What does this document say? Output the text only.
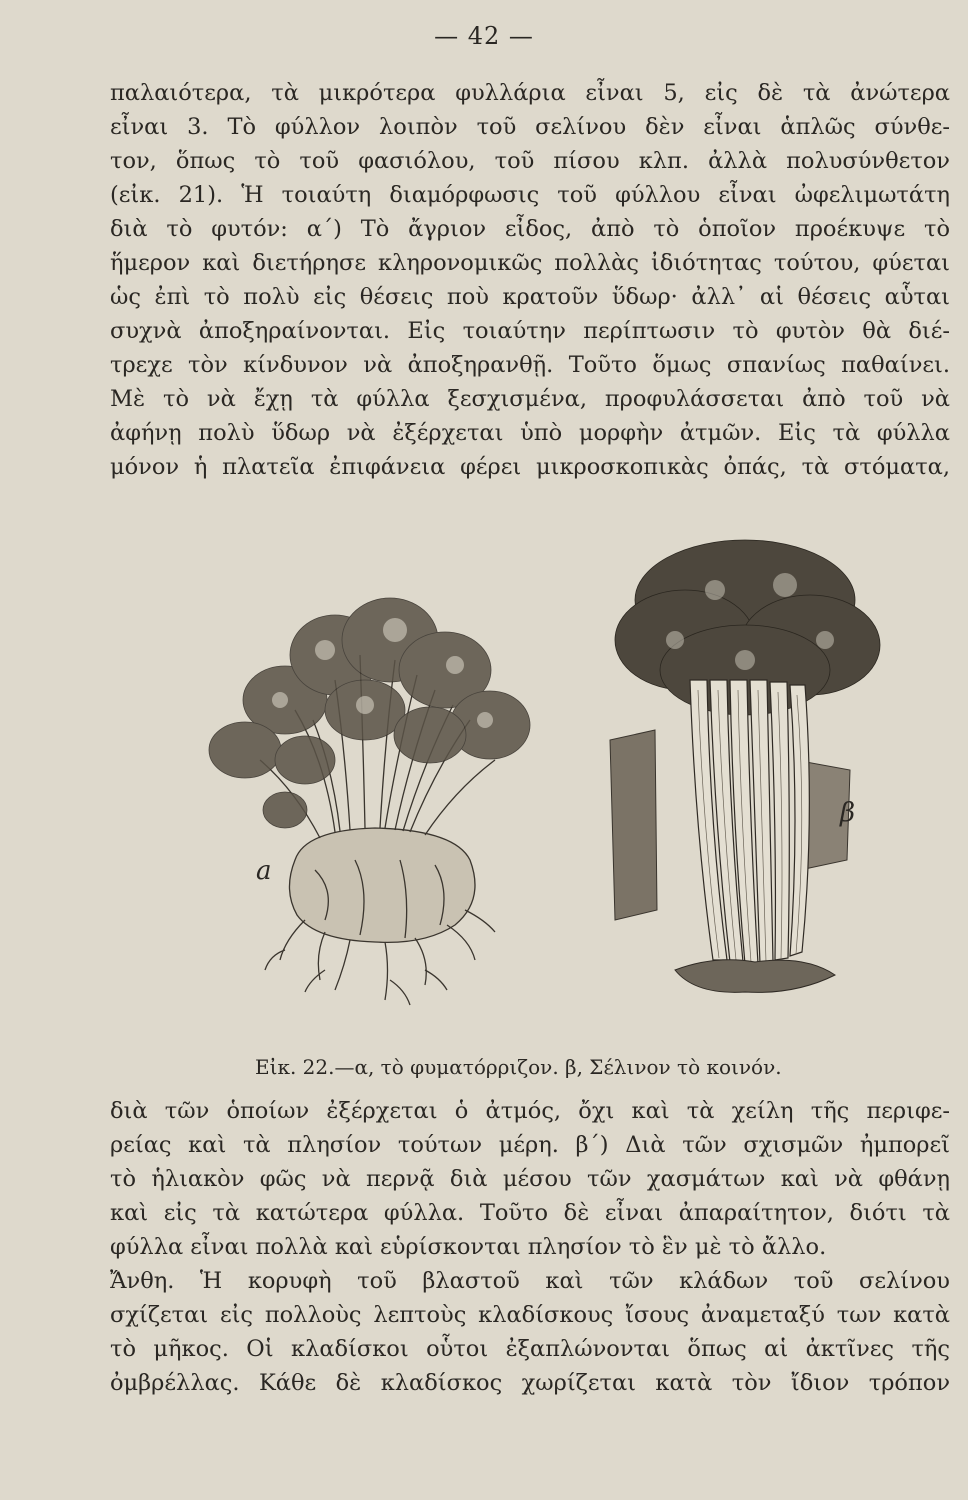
— 42 —
παλαιότερα, τὰ μικρότερα φυλλάρια εἶναι 5, εἰς δὲ τὰ ἀνώτερα
εἶναι 3. Τὸ φύλλον λοιπὸν τοῦ σελίνου δὲν εἶναι ἁπλῶς σύνθε-
τον, ὅπως τὸ τοῦ φασιόλου, τοῦ πίσου κλπ. ἀλλὰ πολυσύνθετον
(εἰκ. 21). Ἡ τοιαύτη διαμόρφωσις τοῦ φύλλου εἶναι ὠφελιμωτάτη
διὰ τὸ φυτόν: α΄) Τὸ ἄγριον εἶδος, ἀπὸ τὸ ὁποῖον προέκυψε τὸ
ἥμερον καὶ διετήρησε κληρονομικῶς πολλὰς ἰδιότητας τούτου, φύεται
ὡς ἐπὶ τὸ πολὺ εἰς θέσεις ποὺ κρατοῦν ὕδωρ· ἀλλ᾿ αἱ θέσεις αὗται
συχνὰ ἀποξηραίνονται. Εἰς τοιαύτην περίπτωσιν τὸ φυτὸν θὰ διέ-
τρεχε τὸν κίνδυνον νὰ ἀποξηρανθῇ. Τοῦτο ὅμως σπανίως παθαίνει.
Μὲ τὸ νὰ ἔχῃ τὰ φύλλα ξεσχισμένα, προφυλάσσεται ἀπὸ τοῦ νὰ
ἀφήνῃ πολὺ ὕδωρ νὰ ἐξέρχεται ὑπὸ μορφὴν ἀτμῶν. Εἰς τὰ φύλλα
μόνον ἡ πλατεῖα ἐπιφάνεια φέρει μικροσκοπικὰς ὀπάς, τὰ στόματα,
a
β
Εἰκ. 22.—α, τὸ φυματόρριζον. β, Σέλινον τὸ κοινόν.
διὰ τῶν ὁποίων ἐξέρχεται ὁ ἀτμός, ὄχι καὶ τὰ χείλη τῆς περιφε-
ρείας καὶ τὰ πλησίον τούτων μέρη. β΄) Διὰ τῶν σχισμῶν ἠμπορεῖ
τὸ ἡλιακὸν φῶς νὰ περνᾷ διὰ μέσου τῶν χασμάτων καὶ νὰ φθάνῃ
καὶ εἰς τὰ κατώτερα φύλλα. Τοῦτο δὲ εἶναι ἀπαραίτητον, διότι τὰ
φύλλα εἶναι πολλὰ καὶ εὑρίσκονται πλησίον τὸ ἓν μὲ τὸ ἄλλο.
Ἄνθη. Ἡ κορυφὴ τοῦ βλαστοῦ καὶ τῶν κλάδων τοῦ σελίνου
σχίζεται εἰς πολλοὺς λεπτοὺς κλαδίσκους ἴσους ἀναμεταξύ των κατὰ
τὸ μῆκος. Οἱ κλαδίσκοι οὗτοι ἐξαπλώνονται ὅπως αἱ ἀκτῖνες τῆς
ὀμβρέλλας. Κάθε δὲ κλαδίσκος χωρίζεται κατὰ τὸν ἴδιον τρόπον
